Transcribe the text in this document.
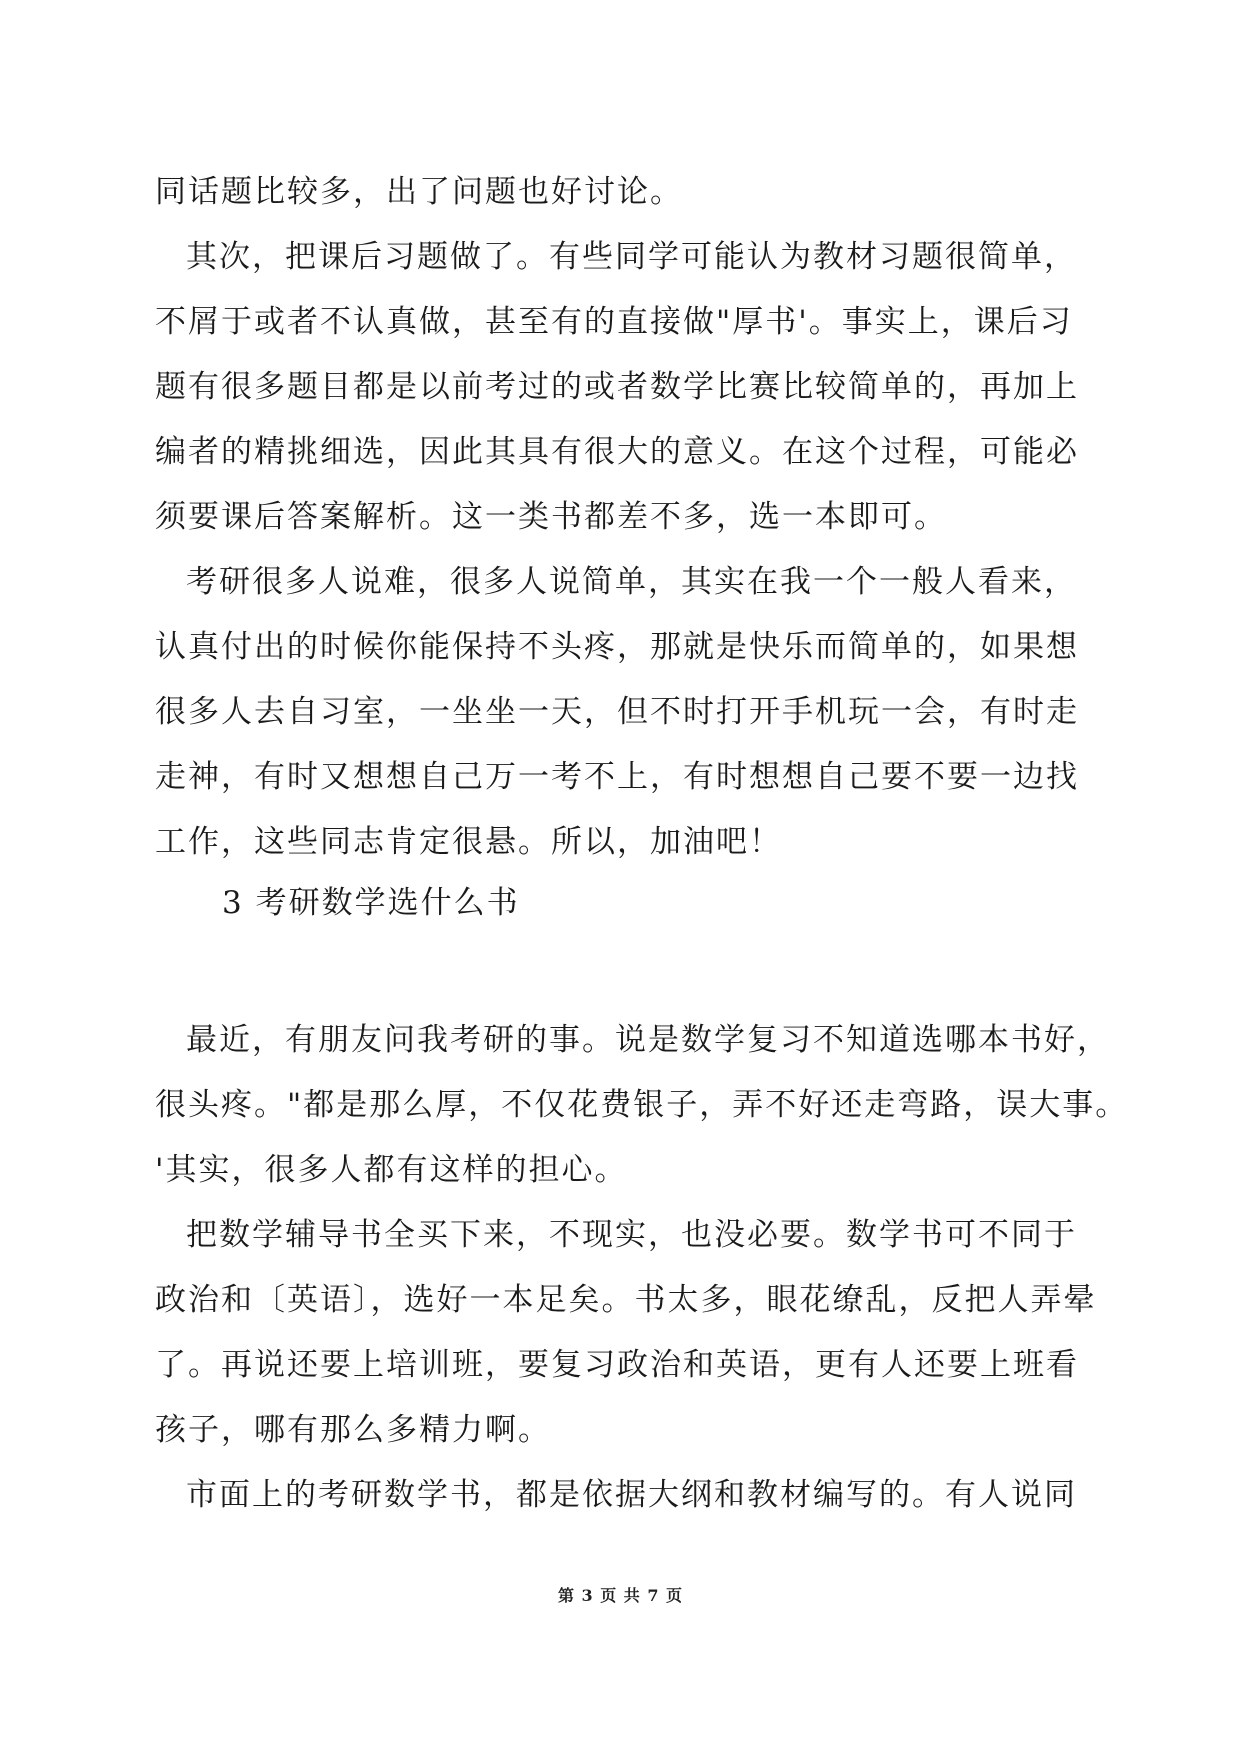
同话题比较多，出了问题也好讨论。
其次，把课后习题做了。有些同学可能认为教材习题很简单，
不屑于或者不认真做，甚至有的直接做"厚书'。事实上，课后习
题有很多题目都是以前考过的或者数学比赛比较简单的，再加上
编者的精挑细选，因此其具有很大的意义。在这个过程，可能必
须要课后答案解析。这一类书都差不多，选一本即可。
考研很多人说难，很多人说简单，其实在我一个一般人看来，
认真付出的时候你能保持不头疼，那就是快乐而简单的，如果想
很多人去自习室，一坐坐一天，但不时打开手机玩一会，有时走
走神，有时又想想自己万一考不上，有时想想自己要不要一边找
工作，这些同志肯定很悬。所以，加油吧！
3 考研数学选什么书
最近，有朋友问我考研的事。说是数学复习不知道选哪本书好，
很头疼。"都是那么厚，不仅花费银子，弄不好还走弯路，误大事。
'其实，很多人都有这样的担心。
把数学辅导书全买下来，不现实，也没必要。数学书可不同于
政治和〔英语〕，选好一本足矣。书太多，眼花缭乱，反把人弄晕
了。再说还要上培训班，要复习政治和英语，更有人还要上班看
孩子，哪有那么多精力啊。
市面上的考研数学书，都是依据大纲和教材编写的。有人说同
第 3 页 共 7 页
